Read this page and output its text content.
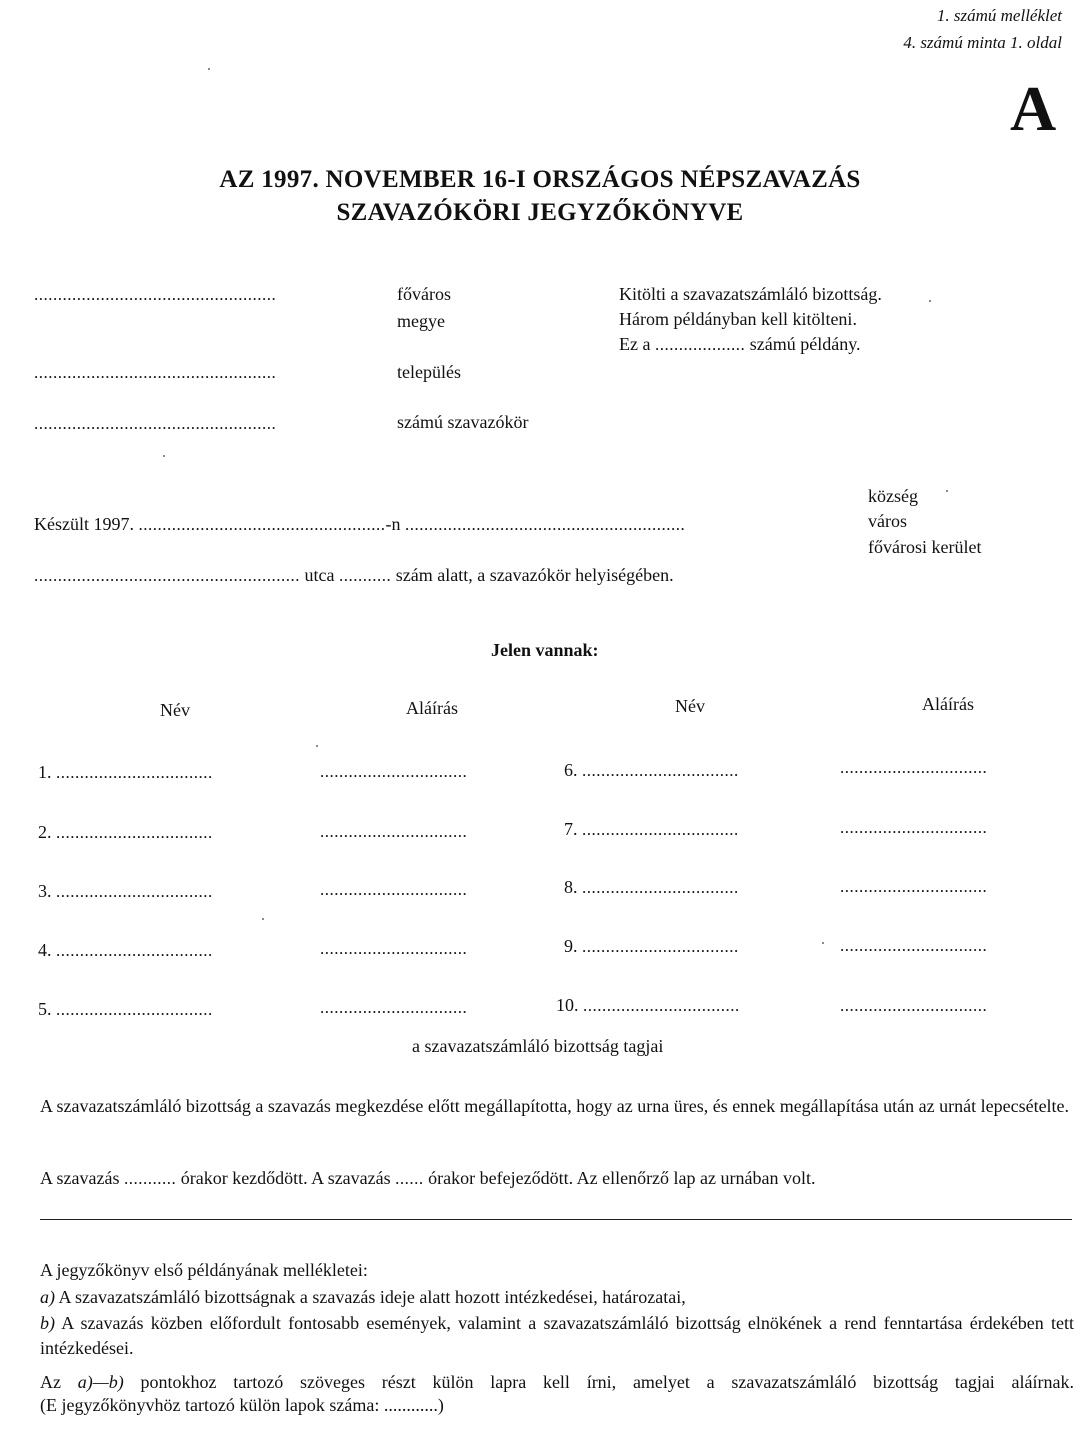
1. számú melléklet
4. számú minta 1. oldal
A
AZ 1997. NOVEMBER 16-I ORSZÁGOS NÉPSZAVAZÁS
SZAVAZÓKÖRI JEGYZŐKÖNYVE
...................................................	főváros
megye
...................................................	település
...................................................	számú szavazókör
Kitölti a szavazatszámláló bizottság.
Három példányban kell kitölteni.
Ez a ................... számú példány.
község
város
fővárosi kerület
Készült 1997. ....................................................-n ...........................................................
........................................................ utca ........... szám alatt, a szavazókör helyiségében.
Jelen vannak:
Név	Aláírás	Név	Aláírás
1. .................................	...............................	6. .................................	...............................
2. .................................	...............................	7. .................................	...............................
3. .................................	...............................	8. .................................	...............................
4. .................................	...............................	9. .................................	...............................
5. .................................	...............................	10. .................................	...............................
a szavazatszámláló bizottság tagjai
A szavazatszámláló bizottság a szavazás megkezdése előtt megállapította, hogy az urna üres, és ennek megállapítása után az urnát lepecsételte.
A szavazás ........... órakor kezdődött. A szavazás ...... órakor befejeződött. Az ellenőrző lap az urnában volt.
A jegyzőkönyv első példányának mellékletei:
a) A szavazatszámláló bizottságnak a szavazás ideje alatt hozott intézkedései, határozatai,
b) A szavazás közben előfordult fontosabb események, valamint a szavazatszámláló bizottság elnökének a rend fenntartása érdekében tett intézkedései.
Az a)—b) pontokhoz tartozó szöveges részt külön lapra kell írni, amelyet a szavazatszámláló bizottság tagjai aláírnak.
(E jegyzőkönyvhöz tartozó külön lapok száma: ............)
